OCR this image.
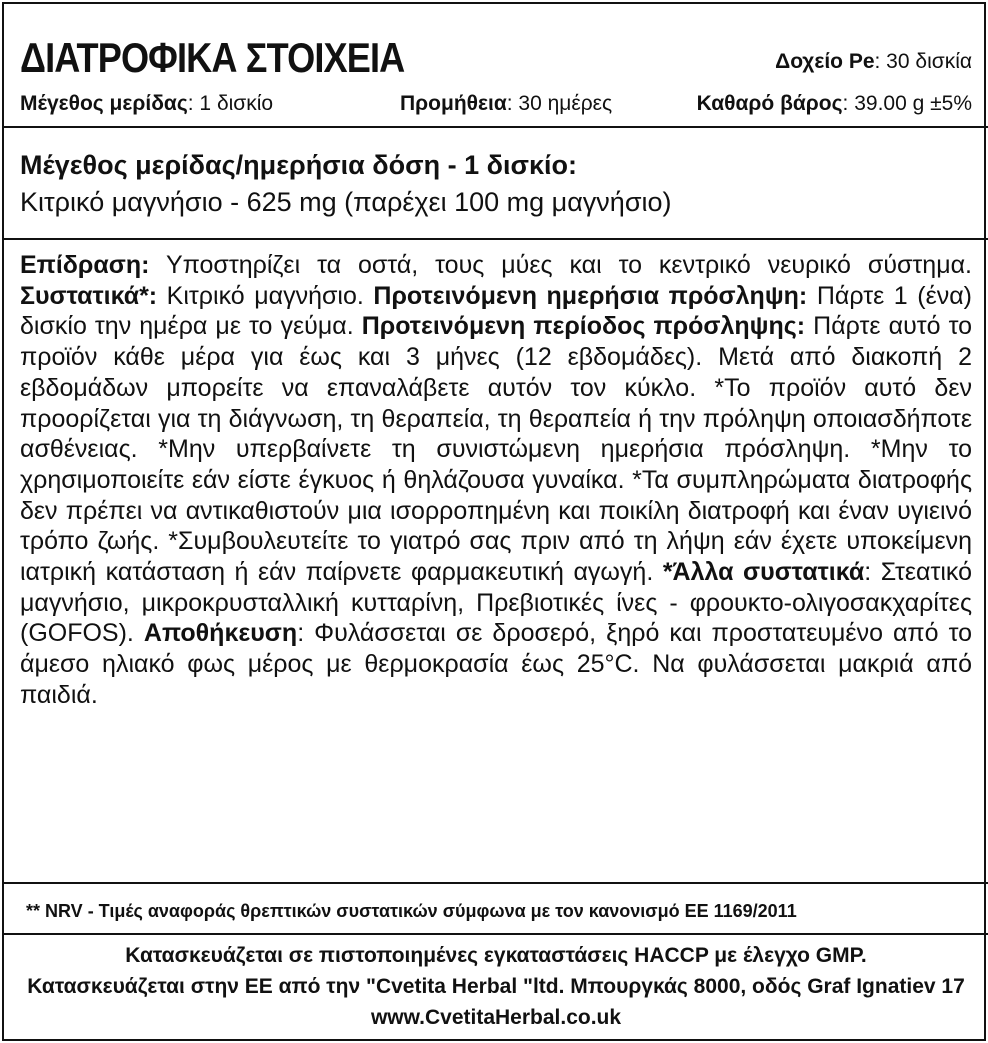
ΔΙΑΤΡΟΦΙΚΑ ΣΤΟΙΧΕΙΑ	Δοχείο Pe: 30 δισκία
Μέγεθος μερίδας: 1 δισκίο	Προμήθεια: 30 ημέρες	Καθαρό βάρος: 39.00 g ±5%
Μέγεθος μερίδας/ημερήσια δόση - 1 δισκίο:
Κιτρικό μαγνήσιο - 625 mg (παρέχει 100 mg μαγνήσιο)
Επίδραση: Υποστηρίζει τα οστά, τους μύες και το κεντρικό νευρικό σύστημα. Συστατικά*: Κιτρικό μαγνήσιο. Προτεινόμενη ημερήσια πρόσληψη: Πάρτε 1 (ένα) δισκίο την ημέρα με το γεύμα. Προτεινόμενη περίοδος πρόσληψης: Πάρτε αυτό το προϊόν κάθε μέρα για έως και 3 μήνες (12 εβδομάδες). Μετά από διακοπή 2 εβδομάδων μπορείτε να επαναλάβετε αυτόν τον κύκλο. *Το προϊόν αυτό δεν προορίζεται για τη διάγνωση, τη θεραπεία, τη θεραπεία ή την πρόληψη οποιασδήποτε ασθένειας. *Μην υπερβαίνετε τη συνιστώμενη ημερήσια πρόσληψη. *Μην το χρησιμοποιείτε εάν είστε έγκυος ή θηλάζουσα γυναίκα. *Τα συμπληρώματα διατροφής δεν πρέπει να αντικαθιστούν μια ισορροπημένη και ποικίλη διατροφή και έναν υγιεινό τρόπο ζωής. *Συμβουλευτείτε το γιατρό σας πριν από τη λήψη εάν έχετε υποκείμενη ιατρική κατάσταση ή εάν παίρνετε φαρμακευτική αγωγή. *Άλλα συστατικά: Στεατικό μαγνήσιο, μικροκρυσταλλική κυτταρίνη, Πρεβιοτικές ίνες - φρουκτο-ολιγοσακχαρίτες (GOFOS). Αποθήκευση: Φυλάσσεται σε δροσερό, ξηρό και προστατευμένο από το άμεσο ηλιακό φως μέρος με θερμοκρασία έως 25°C. Να φυλάσσεται μακριά από παιδιά.
** NRV - Τιμές αναφοράς θρεπτικών συστατικών σύμφωνα με τον κανονισμό ΕΕ 1169/2011
Κατασκευάζεται σε πιστοποιημένες εγκαταστάσεις HACCP με έλεγχο GMP.
Κατασκευάζεται στην ΕΕ από την "Cvetita Herbal "ltd. Μπουργκάς 8000, οδός Graf Ignatiev 17
www.CvetitaHerbal.co.uk
